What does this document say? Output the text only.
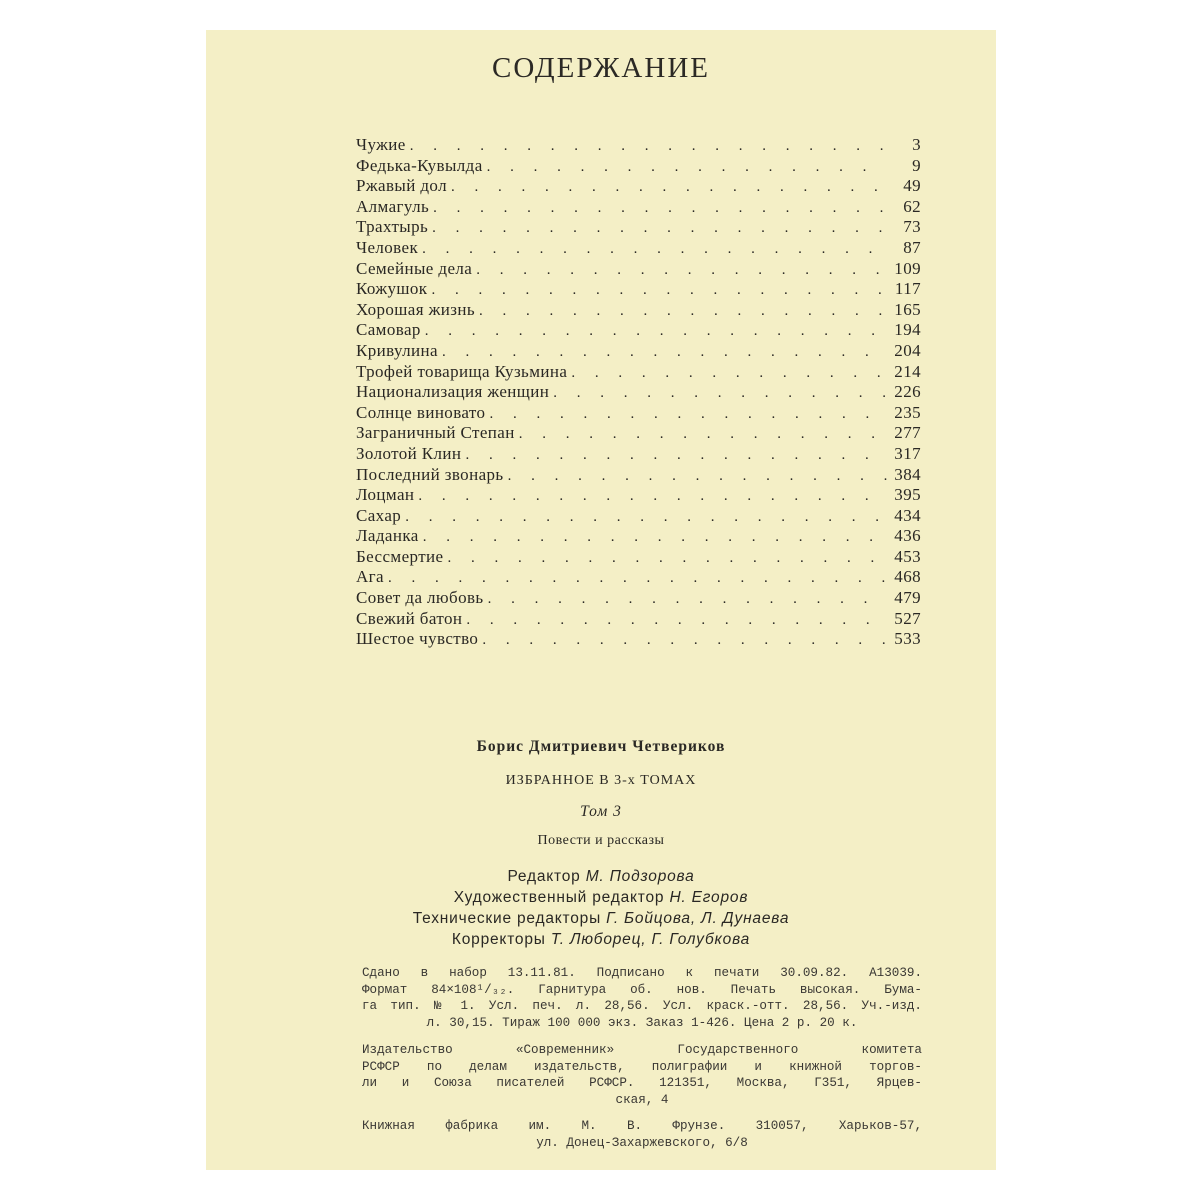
СОДЕРЖАНИЕ
Чужие . . .	3
Федька-Кувылда . . .	9
Ржавый дол . . .	49
Алмагуль . . .	62
Трахтырь . . .	73
Человек . . .	87
Семейные дела . . .	109
Кожушок . . .	117
Хорошая жизнь . . .	165
Самовар . . .	194
Кривулина . . .	204
Трофей товарища Кузьмина . . .	214
Национализация женщин . . .	226
Солнце виновато . . .	235
Заграничный Степан . . .	277
Золотой Клин . . .	317
Последний звонарь . . .	384
Лоцман . . .	395
Сахар . . .	434
Ладанка . . .	436
Бессмертие . . .	453
Ага . . .	468
Совет да любовь . . .	479
Свежий батон . . .	527
Шестое чувство . . .	533
Борис Дмитриевич Четвериков
ИЗБРАННОЕ В 3-х ТОМАХ
Том 3
Повести и рассказы
Редактор М. Подзорова
Художественный редактор Н. Егоров
Технические редакторы Г. Бойцова, Л. Дунаева
Корректоры Т. Люборец, Г. Голубкова
Сдано в набор 13.11.81. Подписано к печати 30.09.82. А13039.
Формат 84×108¹/₃₂. Гарнитура об. нов. Печать высокая. Бума-
га тип. № 1. Усл. печ. л. 28,56. Усл. краск.-отт. 28,56. Уч.-изд.
л. 30,15. Тираж 100 000 экз. Заказ 1-426. Цена 2 р. 20 к.
Издательство «Современник» Государственного комитета
РСФСР по делам издательств, полиграфии и книжной торгов-
ли и Союза писателей РСФСР. 121351, Москва, Г351, Ярцев-
ская, 4
Книжная фабрика им. М. В. Фрунзе. 310057, Харьков-57,
ул. Донец-Захаржевского, 6/8
